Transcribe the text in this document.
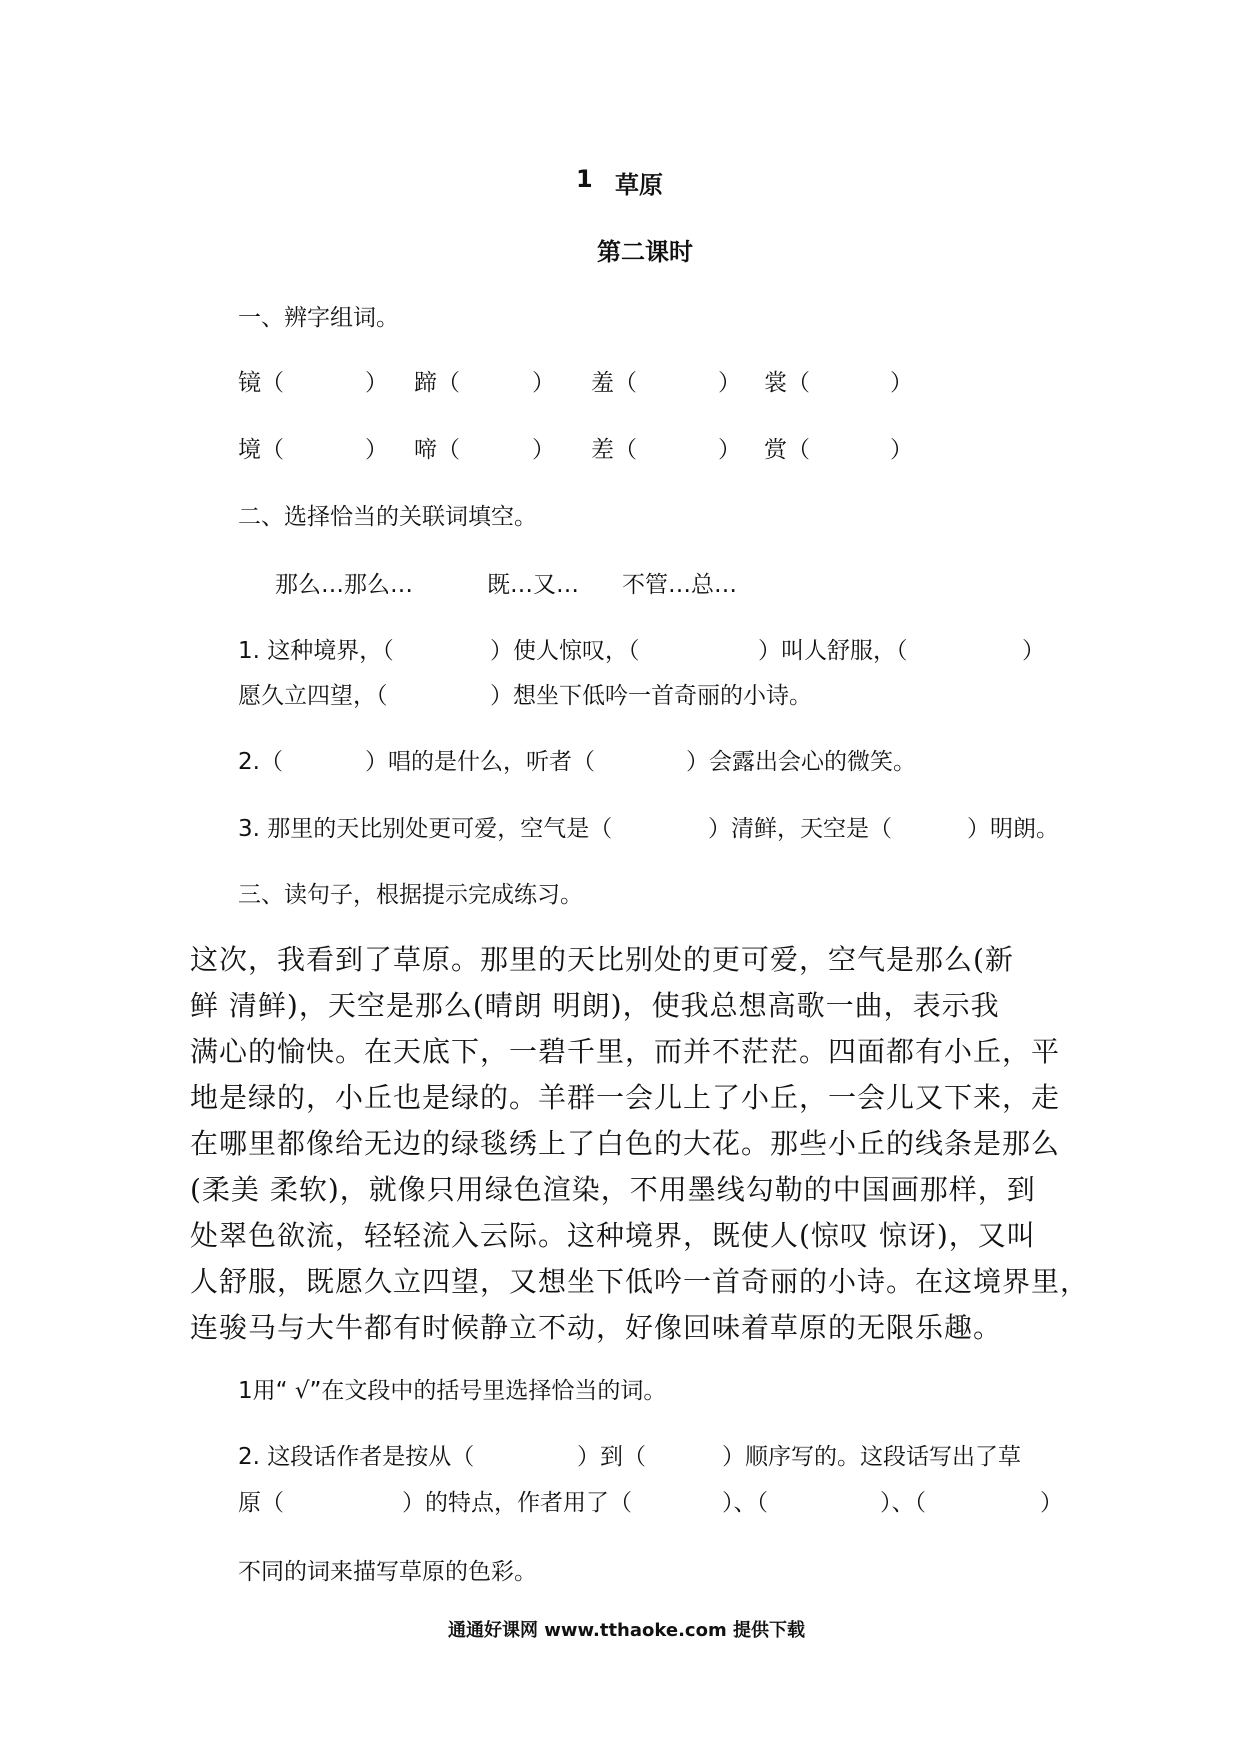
1 草原
第二课时
一、辨字组词。
镜（	） 蹄（	） 羞（	） 裳（	）
境（	） 啼（	） 差（	） 赏（	）
二、选择恰当的关联词填空。
那么…那么…	既…又… 不管…总…
1. 这种境界，（	）使人惊叹，（	）叫人舒服，（	）
愿久立四望，（	）想坐下低吟一首奇丽的小诗。
2.（	）唱的是什么，听者（	）会露出会心的微笑。
3. 那里的天比别处更可爱，空气是（	）清鲜，天空是（	）明朗。
三、读句子，根据提示完成练习。
这次，我看到了草原。那里的天比别处的更可爱，空气是那么(新
鲜 清鲜)，天空是那么(晴朗 明朗)，使我总想高歌一曲，表示我
满心的愉快。在天底下，一碧千里，而并不茫茫。四面都有小丘，平
地是绿的，小丘也是绿的。羊群一会儿上了小丘，一会儿又下来，走
在哪里都像给无边的绿毯绣上了白色的大花。那些小丘的线条是那么
(柔美 柔软)，就像只用绿色渲染，不用墨线勾勒的中国画那样，到
处翠色欲流，轻轻流入云际。这种境界，既使人(惊叹 惊讶)，又叫
人舒服，既愿久立四望，又想坐下低吟一首奇丽的小诗。在这境界里，
连骏马与大牛都有时候静立不动，好像回味着草原的无限乐趣。
1用“ √”在文段中的括号里选择恰当的词。
2. 这段话作者是按从（	）到（	）顺序写的。这段话写出了草
原（	）的特点，作者用了（	）、（	）、（	）
不同的词来描写草原的色彩。
通通好课网 www.tthaoke.com 提供下载
